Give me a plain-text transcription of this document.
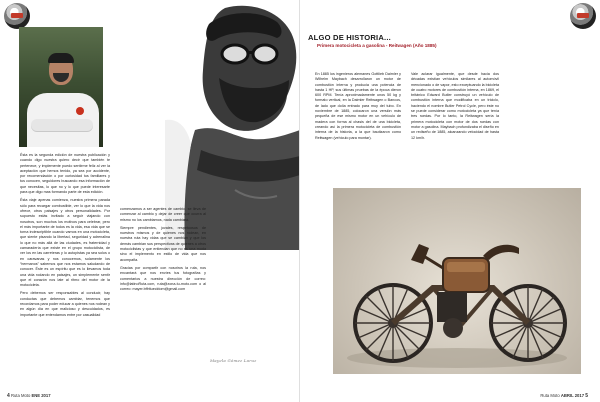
Ésta es la segunda edición de nuestra publicación y cuando digo nuestra quiero decir que también te pertenece, y implemente puedo sentirme feliz al ver la aceptación que hemos tenido, ya sea por accidente, por recomendación o por curiosidad tus familiares y tus conocen, seguidores buscando esa información de que necesitas, lo que no y lo que puede interesarte para que digo mas formando parte de esta edición.

Ésta viaje apenas comienza, nuestra primera parada sólo para recargar combustible, ver lo que la vida nos ofrece, otros paisajes y otros personalidades. Por supuesto estás invitado a seguir viajando con nosotros, son muchos los motivos para celebrar, pero el más importante de todos es la vida, esa vida que se torna indescriptible cuando vamos en una motocicleta, que siente pisando la libertad, seguridad y adrenalina lo que no más allá de las ciudades, es fraternidad y camaradería que existe en el grupo motociclista, de ver los en las carreteras y lo autopistas ya sea solos o en caravanas y nos conocemos, solamente los “hermanos” sabemos que nos estamos saludando de conocer. Éste es un espíritu que es lo llevamos toda una vida rodando en paisajes, un simplemente sentir que el corazón nos late al ritmo del motor de la motocicleta.

Pero debemos ser responsables al conducir, hay conductas que debemos cambiar, tenemos que recordamos para poder educar a quienes nos rodean y en algún día en que malicioso y descuidados, es importante que entendamos entre por casualidad

comenzamos a ser agentes de cambio, se lleva de comenzar al cambio y dejar de creer que ocurra al mismo no los cambiamos, nada cambiará.

Siempre pendientes, jovales, respetuosos de nuestros mismos y de quienes nos rodean, en nuestra ruta hay vidas que se cambian y que los demás cambian sus perspectivas de quienes a otros motociclistas y que entiendan que no es una moda sino el implemento en estilo de vida que nos acompaña.

Gracias por compartir con nosotros la ruta, nos encantará que nos envíes tus fotografías y comentarios a nuestra dirección de correo: info@latinoRuta.com, ruta@zona-tu-moto.com o al correo: mayer.bffrituecktom@gmail.com

Mayela Gómez Laruz
4 Ruta Moto ENE 2017
ALGO DE HISTORIA...
Primera motocicleta a gasolina - Reitwagen (Año 1885)

En 1885 los ingenieros alemanes Gottlieb Daimler y Wilhelm Maybach desarrollaron un motor de combustión interna y producia una potencia de hasta 1 HP, sus últimas pruebas de la época dieron 600 RPM. Tenía aproximadamente unos 50 kg y formato vertical, en la Daimler Reitwagen o Bancos, de lado que dolía entrado para muy del tubo. En noviembre de 1885, colocaron una versión más pequeña de ese mismo motor en un vehículo de madera con forma al chasis del de una bicicleta, creando así la primera motocicleta de combustión interna de la historia, a la que bautizaron como Reitwagen (vehículo para montar).

Vale aclarar igualmente, que desde hacia dos décadas existían vehículos similares al automóvil mencionado o de vapor, esto exceptuando la bicicleta de cuatro motores de combustión interna, en 1869, el británico Edward Butler construyó un vehículo de combustión interna que modificaba en un triciclo, haciendo el nombre Butler Petrol Cycle, pero éste no se puede considerar como motocicleta ya que tenía tres ruedas. Por lo tanto, la Reitwagen sería la primera motocicleta con motor de dos ruedas con motor a gasolina. Maybach profundizaba el diseño en un rediseño de 1885, alcanzando velocidad de hasta 12 km/h.

Ruta Moto ABRIL 2017 5
